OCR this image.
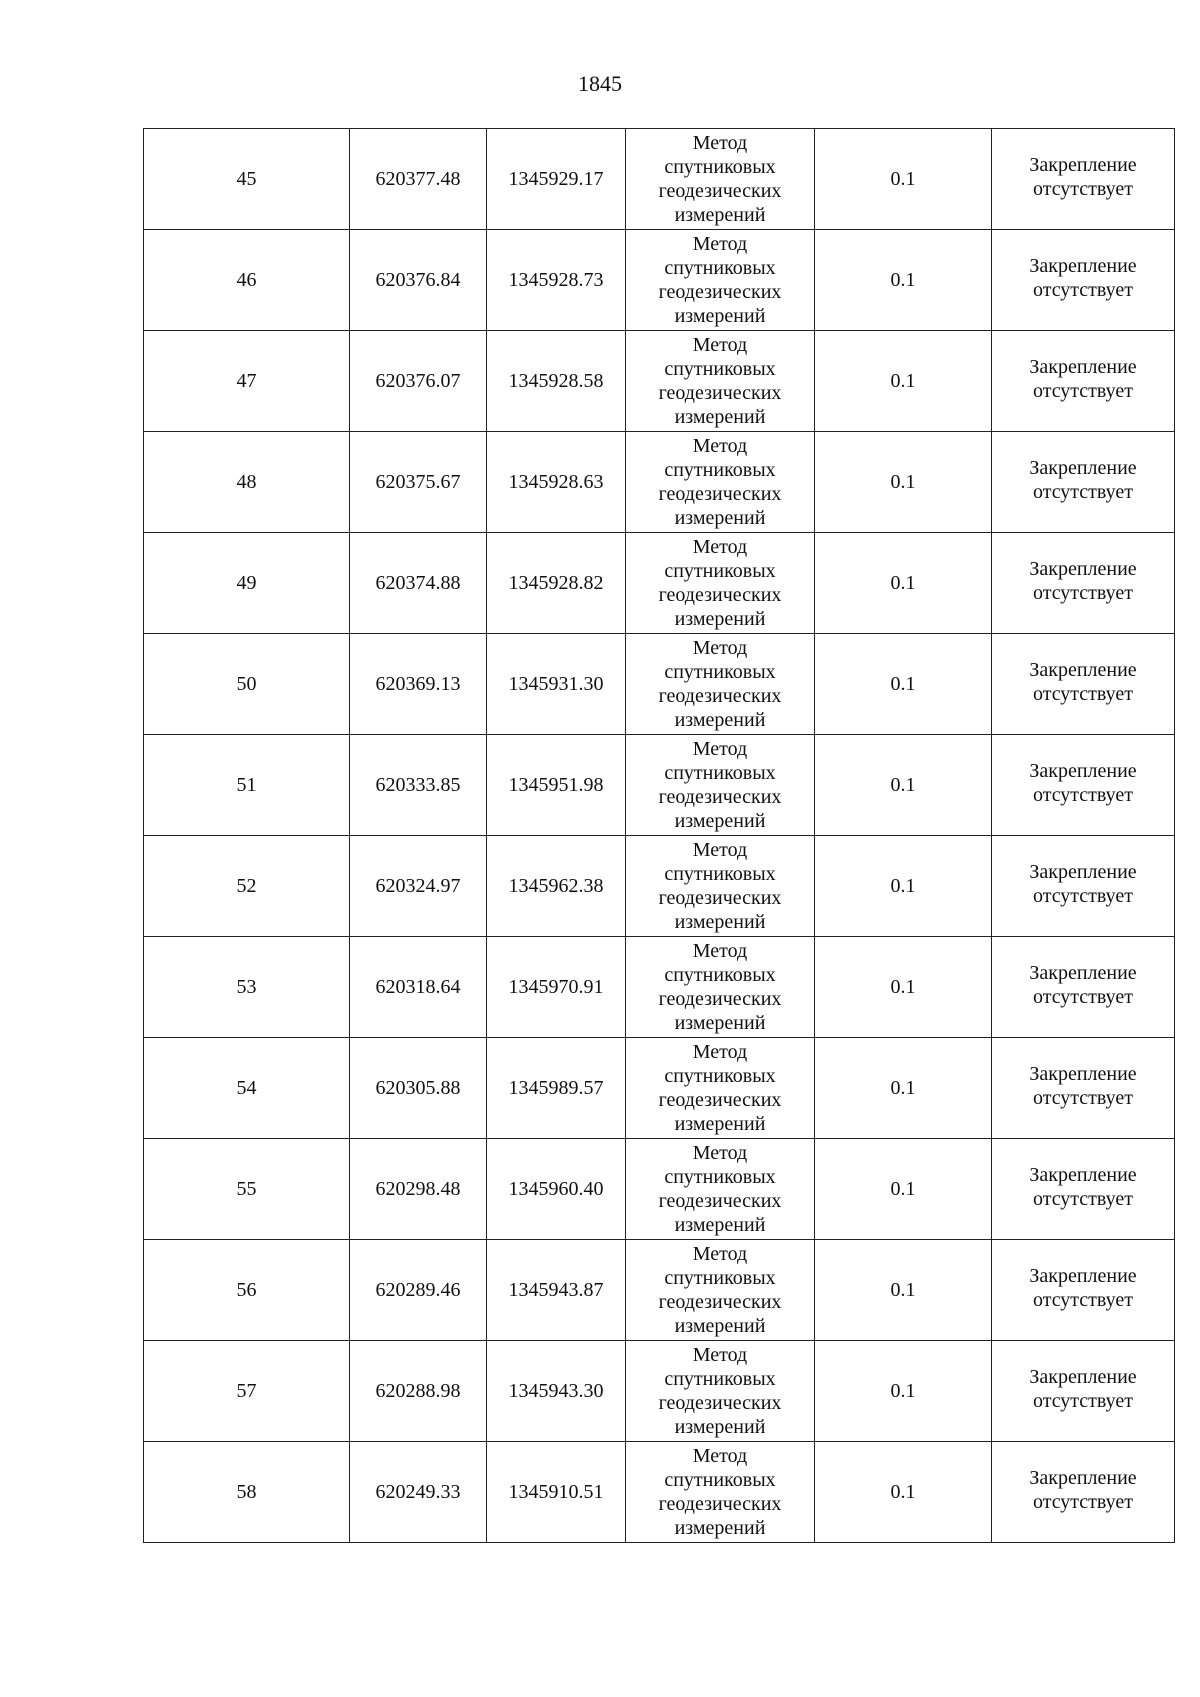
1845
45	620377.48	1345929.17	Метод
спутниковых
геодезических
измерений	0.1	Закрепление
отсутствует

46	620376.84	1345928.73	Метод
спутниковых
геодезических
измерений	0.1	Закрепление
отсутствует

47	620376.07	1345928.58	Метод
спутниковых
геодезических
измерений	0.1	Закрепление
отсутствует

48	620375.67	1345928.63	Метод
спутниковых
геодезических
измерений	0.1	Закрепление
отсутствует

49	620374.88	1345928.82	Метод
спутниковых
геодезических
измерений	0.1	Закрепление
отсутствует

50	620369.13	1345931.30	Метод
спутниковых
геодезических
измерений	0.1	Закрепление
отсутствует

51	620333.85	1345951.98	Метод
спутниковых
геодезических
измерений	0.1	Закрепление
отсутствует

52	620324.97	1345962.38	Метод
спутниковых
геодезических
измерений	0.1	Закрепление
отсутствует

53	620318.64	1345970.91	Метод
спутниковых
геодезических
измерений	0.1	Закрепление
отсутствует

54	620305.88	1345989.57	Метод
спутниковых
геодезических
измерений	0.1	Закрепление
отсутствует

55	620298.48	1345960.40	Метод
спутниковых
геодезических
измерений	0.1	Закрепление
отсутствует

56	620289.46	1345943.87	Метод
спутниковых
геодезических
измерений	0.1	Закрепление
отсутствует

57	620288.98	1345943.30	Метод
спутниковых
геодезических
измерений	0.1	Закрепление
отсутствует

58	620249.33	1345910.51	Метод
спутниковых
геодезических
измерений	0.1	Закрепление
отсутствует
